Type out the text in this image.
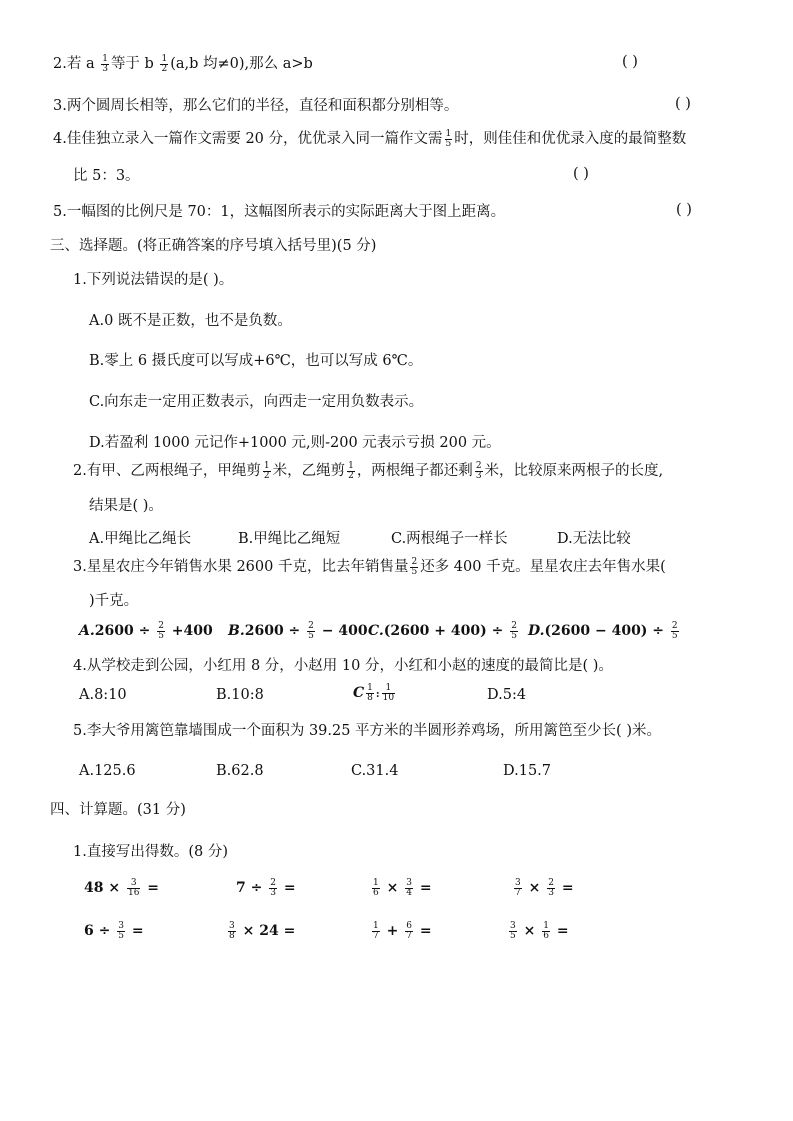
2.若 a $\frac{1}{3}$ 等于 b $\frac{1}{2} (a,b$ 均≠0),那么 a>b	( )
3.两个圆周长相等，那么它们的半径，直径和面积都分别相等。	( )
4.佳佳独立录入一篇作文需要 20 分，优优录入同一篇作文需 $\frac{1}{5}$ 时，则佳佳和优优录入度的最简整数
比 5：3。	( )
5.一幅图的比例尺是 70：1，这幅图所表示的实际距离大于图上距离。	( )
三、选择题。(将正确答案的序号填入括号里)(5 分)
1.下列说法错误的是( )。
A.0 既不是正数，也不是负数。
B.零上 6 摄氏度可以写成+6℃，也可以写成 6℃。
C.向东走一定用正数表示，向西走一定用负数表示。
D.若盈利 1000 元记作+1000 元,则-200 元表示亏损 200 元。
2.有甲、乙两根绳子，甲绳剪 $\frac{1}{2}$ 米，乙绳剪 $\frac{1}{2}$ ，两根绳子都还剩 $\frac{2}{3}$ 米，比较原来两根子的长度,
结果是( )。
A.甲绳比乙绳长	B.甲绳比乙绳短	C.两根绳子一样长	D.无法比较
3.星星农庄今年销售水果 2600 千克，比去年销售量 $\frac{2}{5}$ 还多 400 千克。星星农庄去年售水果(
)千克。
$A.2600 \div \frac{2}{5} +400$ $B.2600 \div \frac{2}{5} - 400$ $C.(2600 + 400) \div \frac{2}{5} D.(2600 - 400) \div \frac{2}{5}$
4.从学校走到公园，小红用 8 分，小赵用 10 分，小红和小赵的速度的最简比是( )。
A.8:10	B.10:8	C $\frac{1}{8}$ : $\frac{1}{10}$	D.5:4
5.李大爷用篱笆靠墙围成一个面积为 39.25 平方米的半圆形养鸡场，所用篱笆至少长( )米。
A.125.6	B.62.8	C.31.4	D.15.7
四、计算题。(31 分)
1.直接写出得数。(8 分)
$48 \times \frac{3}{16}$ =	$7 \div \frac{2}{3}$ =	$\frac{1}{6} \times \frac{3}{4}$ =	$\frac{3}{7} \times \frac{2}{3}$ =
$6 \div \frac{3}{5}$ =	$\frac{3}{8} \times 24$ =	$\frac{1}{7} + \frac{6}{7}$ =	$\frac{3}{5} \times \frac{1}{6}$ =
